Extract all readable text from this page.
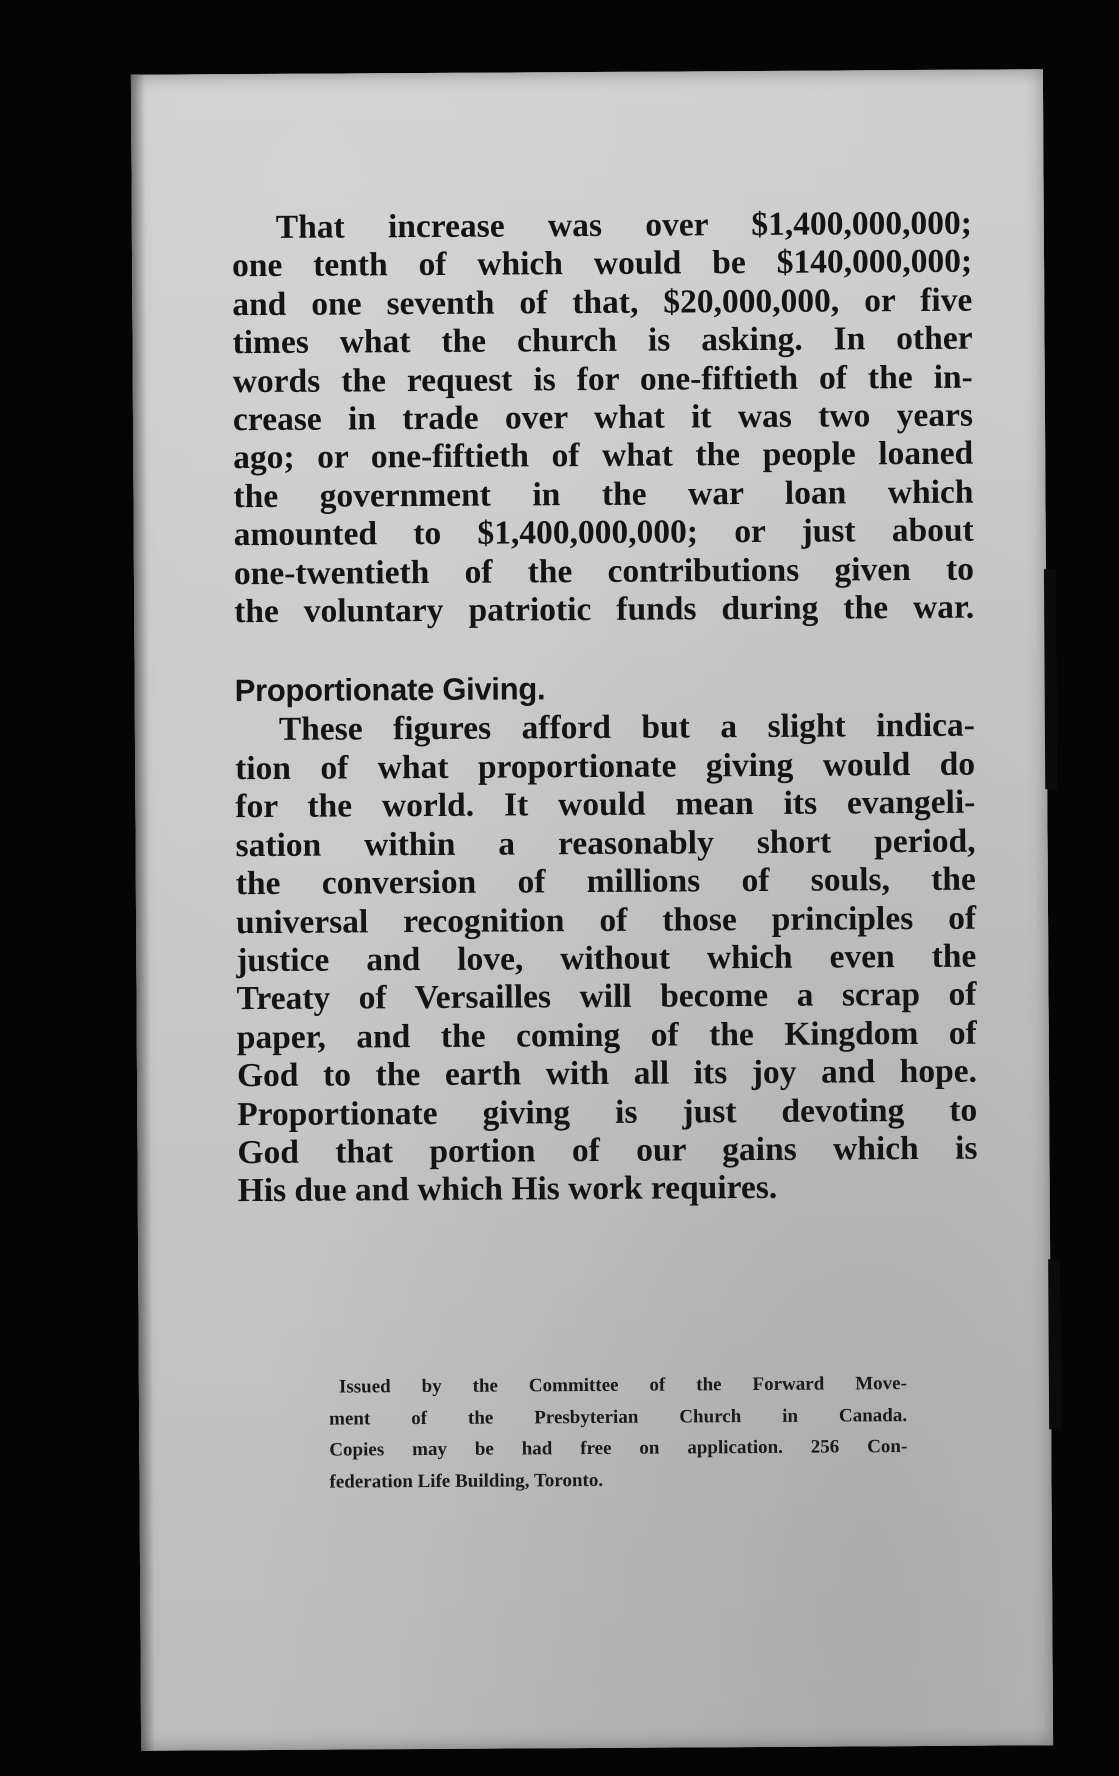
That increase was over $1,400,000,000;
one tenth of which would be $140,000,000;
and one seventh of that, $20,000,000, or five
times what the church is asking. In other
words the request is for one-fiftieth of the in-
crease in trade over what it was two years
ago; or one-fiftieth of what the people loaned
the government in the war loan which
amounted to $1,400,000,000; or just about
one-twentieth of the contributions given to
the voluntary patriotic funds during the war.

Proportionate Giving.

These figures afford but a slight indica-
tion of what proportionate giving would do
for the world. It would mean its evangeli-
sation within a reasonably short period,
the conversion of millions of souls, the
universal recognition of those principles of
justice and love, without which even the
Treaty of Versailles will become a scrap of
paper, and the coming of the Kingdom of
God to the earth with all its joy and hope.
Proportionate giving is just devoting to
God that portion of our gains which is
His due and which His work requires.

Issued by the Committee of the Forward Move-
ment of the Presbyterian Church in Canada.
Copies may be had free on application. 256 Con-
federation Life Building, Toronto.
